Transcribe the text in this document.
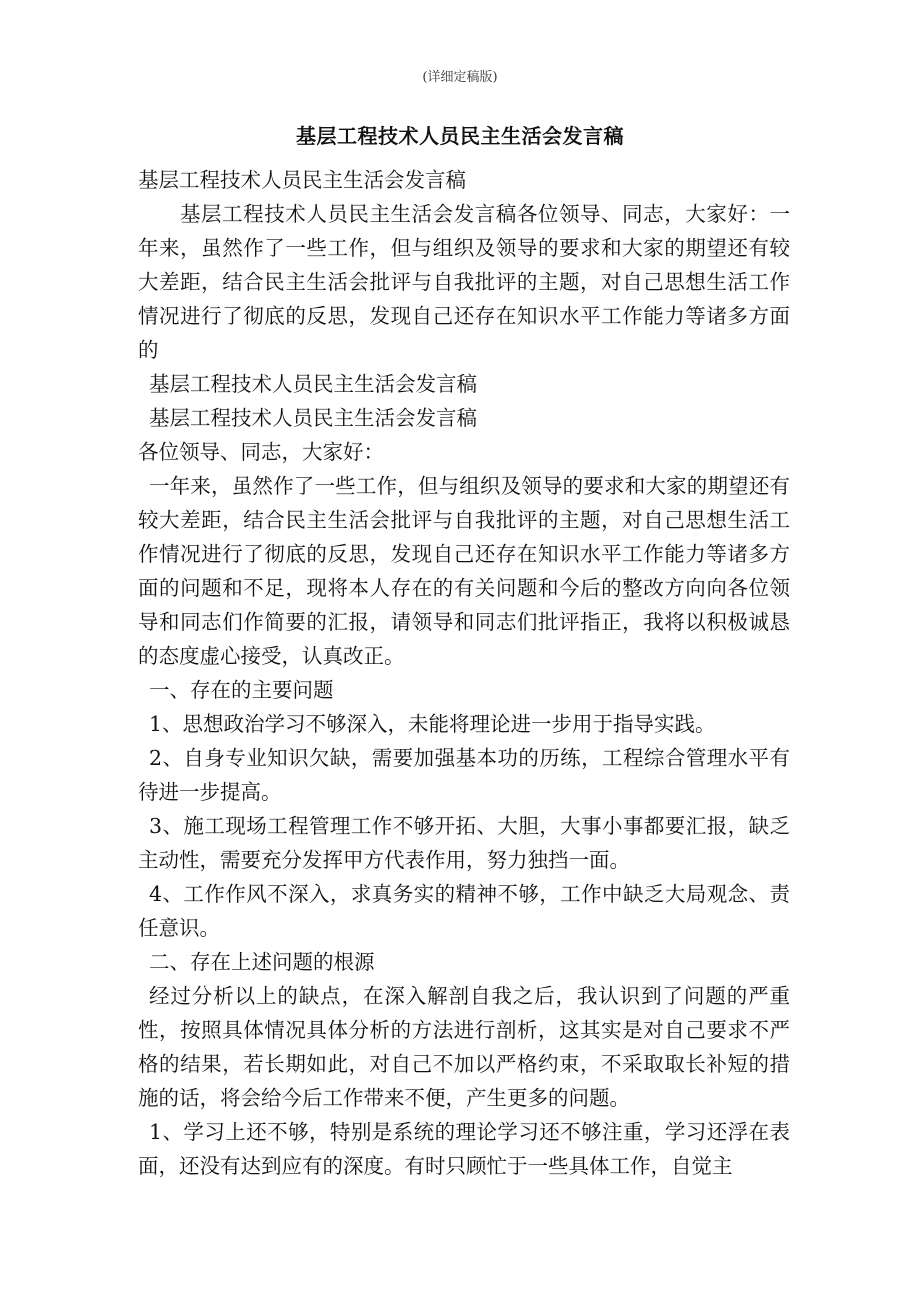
(详细定稿版)
基层工程技术人员民主生活会发言稿

基层工程技术人员民主生活会发言稿

基层工程技术人员民主生活会发言稿各位领导、同志，大家好：一年来，虽然作了一些工作，但与组织及领导的要求和大家的期望还有较大差距，结合民主生活会批评与自我批评的主题，对自己思想生活工作情况进行了彻底的反思，发现自己还存在知识水平工作能力等诸多方面的

基层工程技术人员民主生活会发言稿

基层工程技术人员民主生活会发言稿

各位领导、同志，大家好：

一年来，虽然作了一些工作，但与组织及领导的要求和大家的期望还有较大差距，结合民主生活会批评与自我批评的主题，对自己思想生活工作情况进行了彻底的反思，发现自己还存在知识水平工作能力等诸多方面的问题和不足，现将本人存在的有关问题和今后的整改方向向各位领导和同志们作简要的汇报，请领导和同志们批评指正，我将以积极诚恳的态度虚心接受，认真改正。

一、存在的主要问题

1、思想政治学习不够深入，未能将理论进一步用于指导实践。

2、自身专业知识欠缺，需要加强基本功的历练，工程综合管理水平有待进一步提高。

3、施工现场工程管理工作不够开拓、大胆，大事小事都要汇报，缺乏主动性，需要充分发挥甲方代表作用，努力独挡一面。

4、工作作风不深入，求真务实的精神不够，工作中缺乏大局观念、责任意识。

二、存在上述问题的根源

经过分析以上的缺点，在深入解剖自我之后，我认识到了问题的严重性，按照具体情况具体分析的方法进行剖析，这其实是对自己要求不严格的结果，若长期如此，对自己不加以严格约束，不采取取长补短的措施的话，将会给今后工作带来不便，产生更多的问题。

1、学习上还不够，特别是系统的理论学习还不够注重，学习还浮在表面，还没有达到应有的深度。有时只顾忙于一些具体工作，自觉主
